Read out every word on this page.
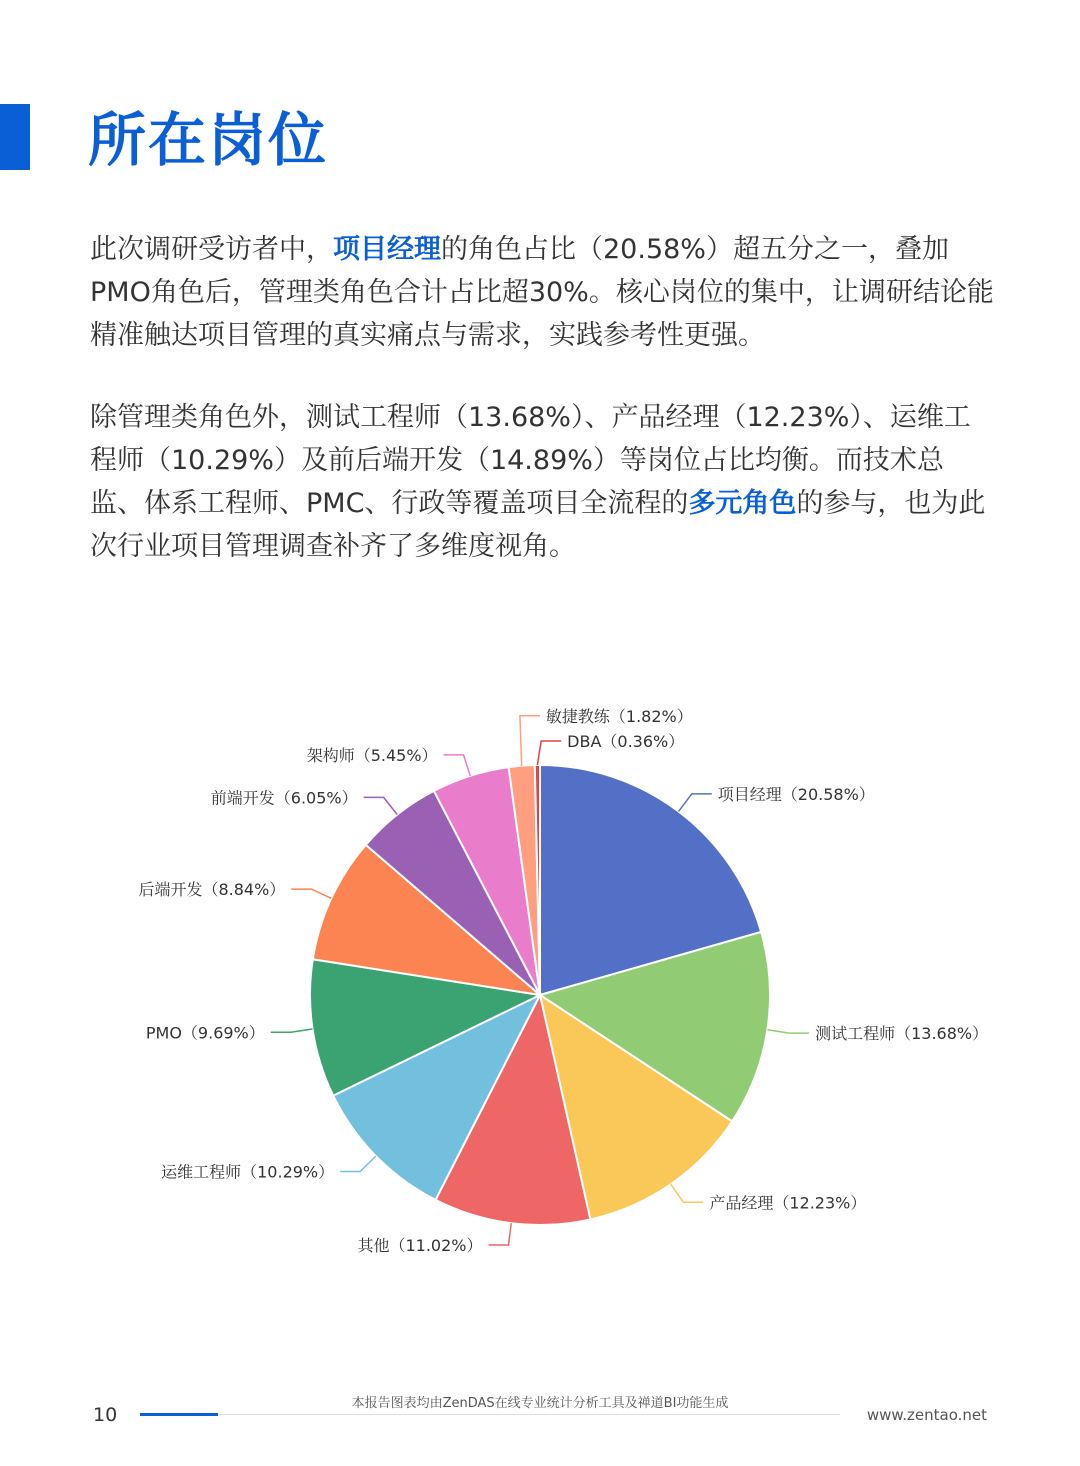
所在岗位

此次调研受访者中，项目经理的角色占比（20.58%）超五分之一，叠加PMO角色后，管理类角色合计占比超30%。核心岗位的集中，让调研结论能精准触达项目管理的真实痛点与需求，实践参考性更强。

除管理类角色外，测试工程师（13.68%）、产品经理（12.23%）、运维工程师（10.29%）及前后端开发（14.89%）等岗位占比均衡。而技术总监、体系工程师、PMC、行政等覆盖项目全流程的多元角色的参与，也为此次行业项目管理调查补齐了多维度视角。

项目经理（20.58%）
测试工程师（13.68%）
产品经理（12.23%）
其他（11.02%）
运维工程师（10.29%）
PMO（9.69%）
后端开发（8.84%）
前端开发（6.05%）
架构师（5.45%）
敏捷教练（1.82%）
DBA（0.36%）
10
本报告图表均由ZenDAS在线专业统计分析工具及禅道BI功能生成
www.zentao.net
